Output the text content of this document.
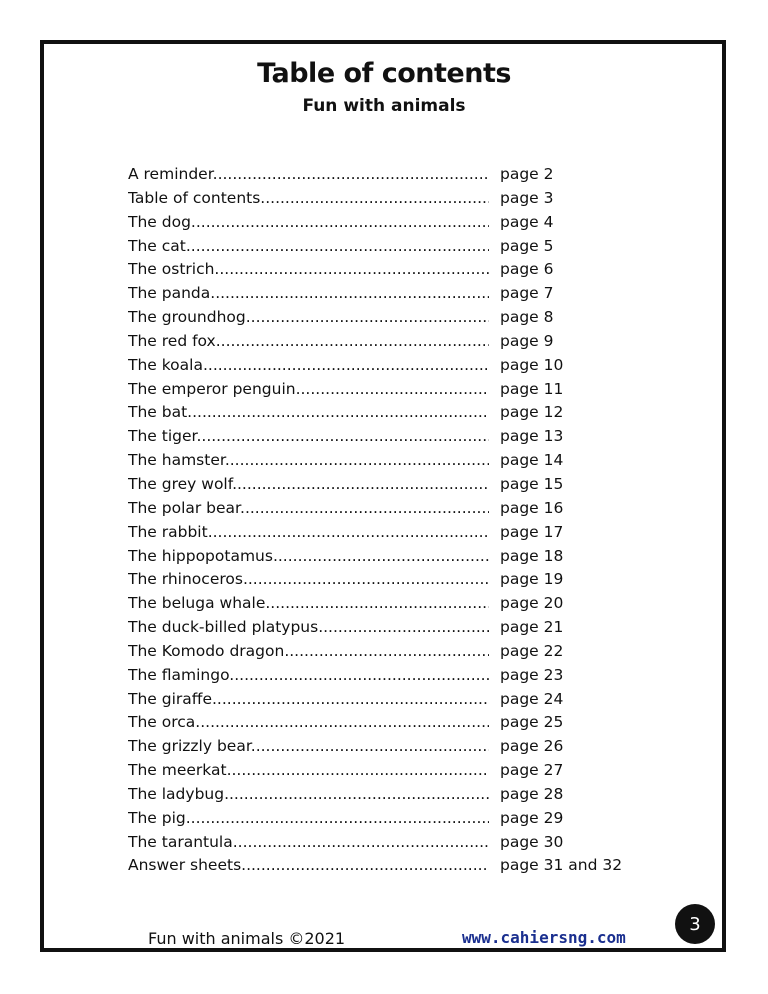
Table of contents
Fun with animals
A reminder .....	page 2
Table of contents .....	page 3
The dog .....	page 4
The cat .....	page 5
The ostrich .....	page 6
The panda .....	page 7
The groundhog .....	page 8
The red fox .....	page 9
The koala .....	page 10
The emperor penguin .....	page 11
The bat .....	page 12
The tiger .....	page 13
The hamster .....	page 14
The grey wolf .....	page 15
The polar bear .....	page 16
The rabbit .....	page 17
The hippopotamus .....	page 18
The rhinoceros .....	page 19
The beluga whale .....	page 20
The duck-billed platypus .....	page 21
The Komodo dragon .....	page 22
The flamingo .....	page 23
The giraffe .....	page 24
The orca .....	page 25
The grizzly bear .....	page 26
The meerkat .....	page 27
The ladybug .....	page 28
The pig .....	page 29
The tarantula .....	page 30
Answer sheets .....	page 31 and 32
Fun with animals ©2021	www.cahiersng.com
3
